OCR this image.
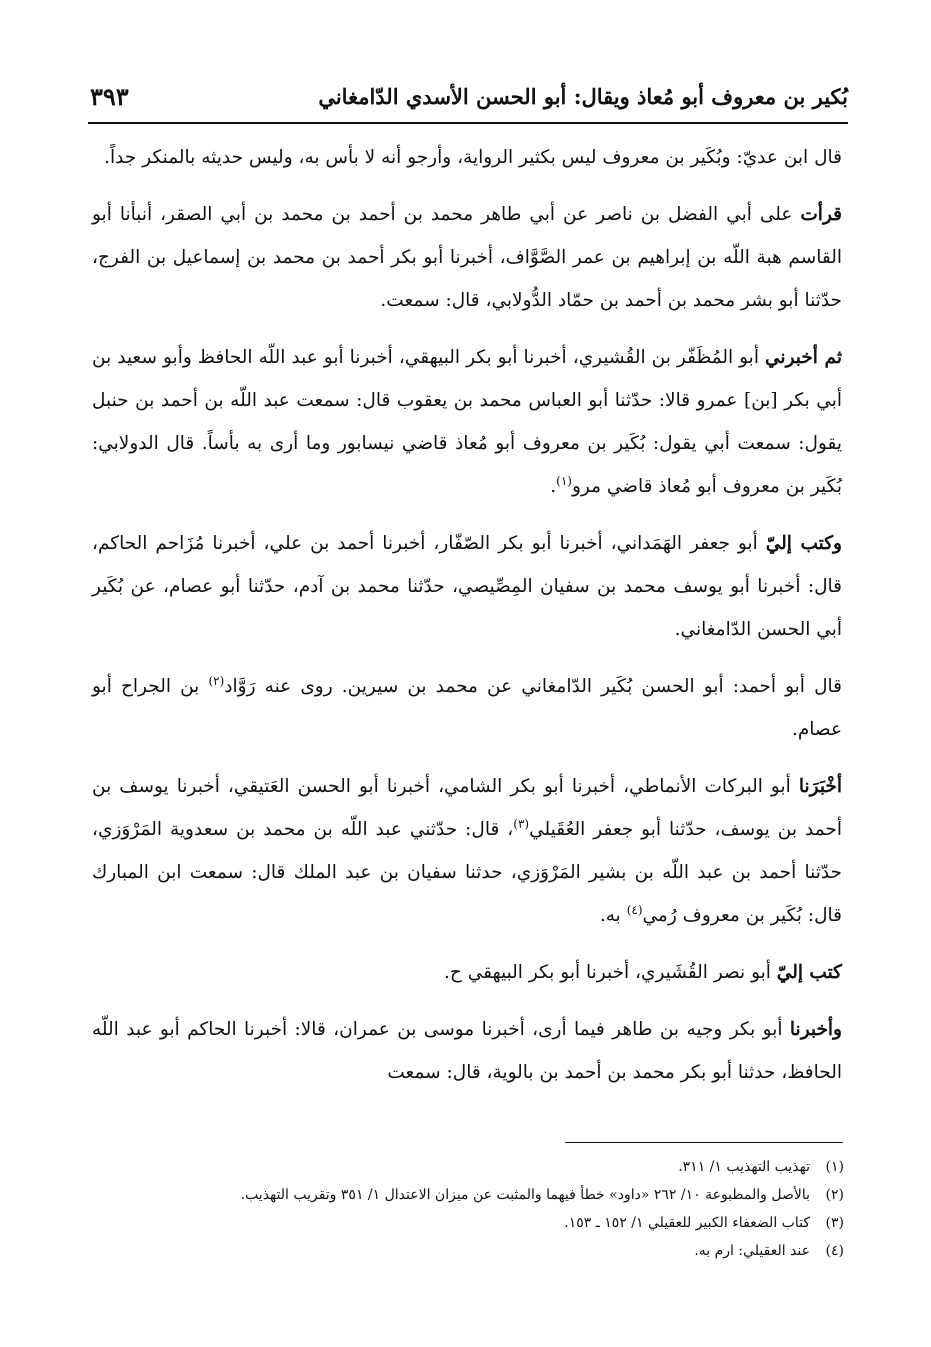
بُكير بن معروف أبو مُعاذ ويقال: أبو الحسن الأسدي الدّامغاني
٣٩٣

قال ابن عديّ: وبُكَير بن معروف ليس بكثير الرواية، وأرجو أنه لا بأس به، وليس حديثه بالمنكر جداً.

قرأت على أبي الفضل بن ناصر عن أبي طاهر محمد بن أحمد بن محمد بن أبي الصقر، أنبأنا أبو القاسم هبة اللّه بن إبراهيم بن عمر الصَّوَّاف، أخبرنا أبو بكر أحمد بن محمد بن إسماعيل بن الفرج، حدّثنا أبو بشر محمد بن أحمد بن حمّاد الدُّولابي، قال: سمعت.

ثم أخبرني أبو المُظَفّر بن القُشيري، أخبرنا أبو بكر البيهقي، أخبرنا أبو عبد اللّه الحافظ وأبو سعيد بن أبي بكر [بن] عمرو قالا: حدّثنا أبو العباس محمد بن يعقوب قال: سمعت عبد اللّه بن أحمد بن حنبل يقول: سمعت أبي يقول: بُكَير بن معروف أبو مُعاذ قاضي نيسابور وما أرى به بأساً. قال الدولابي: بُكَير بن معروف أبو مُعاذ قاضي مرو$^{(١)}$.

وكتب إليّ أبو جعفر الهَمَداني، أخبرنا أبو بكر الصّفّار، أخبرنا أحمد بن علي، أخبرنا مُزَاحم الحاكم، قال: أخبرنا أبو يوسف محمد بن سفيان المِصِّيصي، حدّثنا محمد بن آدم، حدّثنا أبو عصام، عن بُكَير أبي الحسن الدّامغاني.

قال أبو أحمد: أبو الحسن بُكَير الدّامغاني عن محمد بن سيرين. روى عنه رَوَّاد$^{(٢)}$ بن الجراح أبو عصام.

أخْبَرَنا أبو البركات الأنماطي، أخبرنا أبو بكر الشامي، أخبرنا أبو الحسن العَتيقي، أخبرنا يوسف بن أحمد بن يوسف، حدّثنا أبو جعفر العُقَيلي$^{(٣)}$، قال: حدّثني عبد اللّه بن محمد بن سعدوية المَرْوَزي، حدّثنا أحمد بن عبد اللّه بن بشير المَرْوَزي، حدثنا سفيان بن عبد الملك قال: سمعت ابن المبارك قال: بُكَير بن معروف رُمي$^{(٤)}$ به.

كتب إليّ أبو نصر القُشَيري، أخبرنا أبو بكر البيهقي ح.

وأخبرنا أبو بكر وجيه بن طاهر فيما أرى، أخبرنا موسى بن عمران، قالا: أخبرنا الحاكم أبو عبد اللّه الحافظ، حدثنا أبو بكر محمد بن أحمد بن بالوية، قال: سمعت

(١)تهذيب التهذيب ١/ ٣١١.
(٢)بالأصل والمطبوعة ١٠/ ٢٦٢ «داود» خطأ فيهما والمثبت عن ميزان الاعتدال ١/ ٣٥١ وتقريب التهذيب.
(٣)كتاب الضعفاء الكبير للعقيلي ١/ ١٥٢ ـ ١٥٣.
(٤)عند العقيلي: ارم به.
